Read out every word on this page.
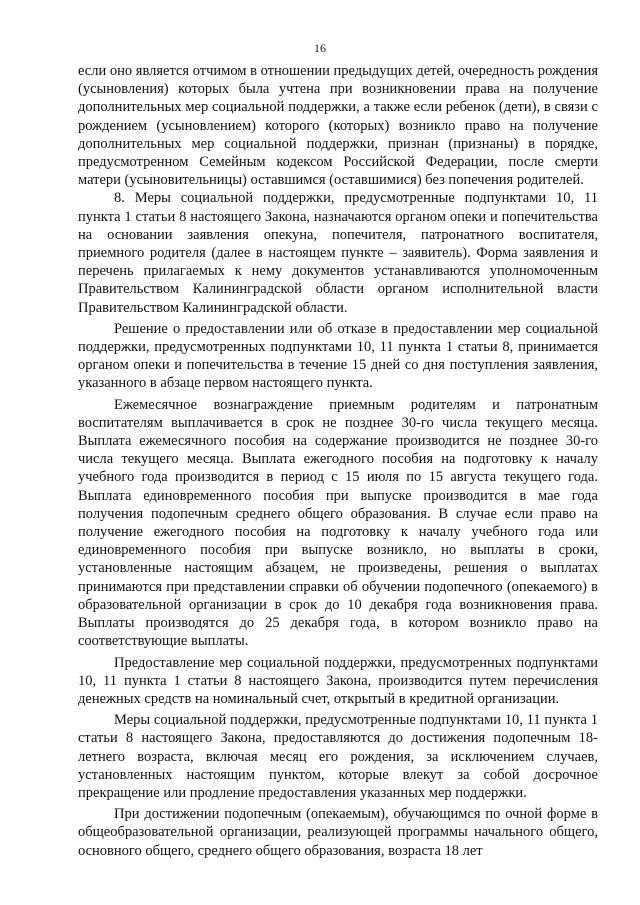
16

если оно является отчимом в отношении предыдущих детей, очередность рождения (усыновления) которых была учтена при возникновении права на получение дополнительных мер социальной поддержки, а также если ребенок (дети), в связи с рождением (усыновлением) которого (которых) возникло право на получение дополнительных мер социальной поддержки, признан (признаны) в порядке, предусмотренном Семейным кодексом Российской Федерации, после смерти матери (усыновительницы) оставшимся (оставшимися) без попечения родителей.

8. Меры социальной поддержки, предусмотренные подпунктами 10, 11 пункта 1 статьи 8 настоящего Закона, назначаются органом опеки и попечительства на основании заявления опекуна, попечителя, патронатного воспитателя, приемного родителя (далее в настоящем пункте – заявитель). Форма заявления и перечень прилагаемых к нему документов устанавливаются уполномоченным Правительством Калининградской области органом исполнительной власти Правительством Калининградской области.

Решение о предоставлении или об отказе в предоставлении мер социальной поддержки, предусмотренных подпунктами 10, 11 пункта 1 статьи 8, принимается органом опеки и попечительства в течение 15 дней со дня поступления заявления, указанного в абзаце первом настоящего пункта.

Ежемесячное вознаграждение приемным родителям и патронатным воспитателям выплачивается в срок не позднее 30-го числа текущего месяца. Выплата ежемесячного пособия на содержание производится не позднее 30-го числа текущего месяца. Выплата ежегодного пособия на подготовку к началу учебного года производится в период с 15 июля по 15 августа текущего года. Выплата единовременного пособия при выпуске производится в мае года получения подопечным среднего общего образования. В случае если право на получение ежегодного пособия на подготовку к началу учебного года или единовременного пособия при выпуске возникло, но выплаты в сроки, установленные настоящим абзацем, не произведены, решения о выплатах принимаются при представлении справки об обучении подопечного (опекаемого) в образовательной организации в срок до 10 декабря года возникновения права. Выплаты производятся до 25 декабря года, в котором возникло право на соответствующие выплаты.

Предоставление мер социальной поддержки, предусмотренных подпунктами 10, 11 пункта 1 статьи 8 настоящего Закона, производится путем перечисления денежных средств на номинальный счет, открытый в кредитной организации.

Меры социальной поддержки, предусмотренные подпунктами 10, 11 пункта 1 статьи 8 настоящего Закона, предоставляются до достижения подопечным 18-летнего возраста, включая месяц его рождения, за исключением случаев, установленных настоящим пунктом, которые влекут за собой досрочное прекращение или продление предоставления указанных мер поддержки.

При достижении подопечным (опекаемым), обучающимся по очной форме в общеобразовательной организации, реализующей программы начального общего, основного общего, среднего общего образования, возраста 18 лет
